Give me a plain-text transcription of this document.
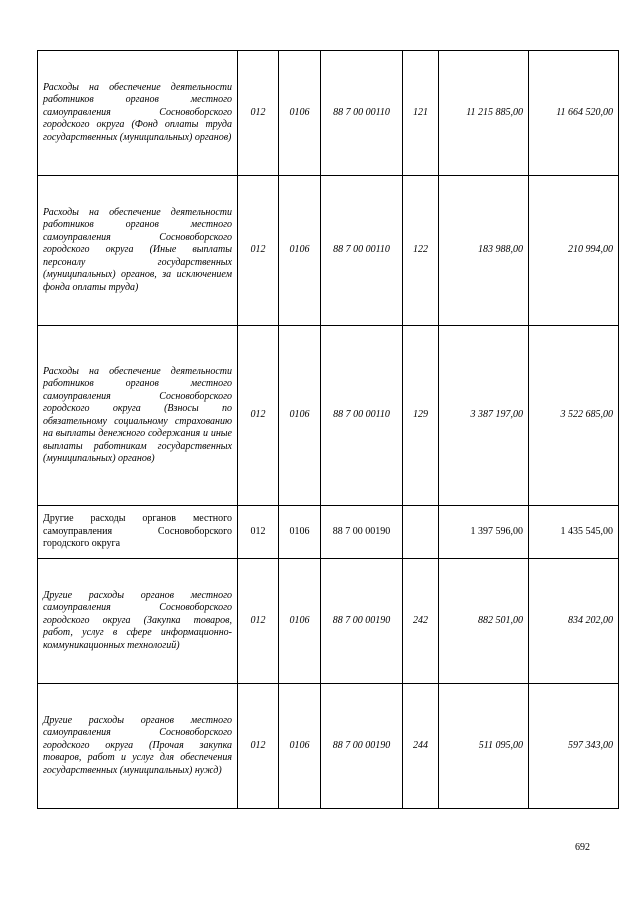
Расходы на обеспечение деятельности работников органов местного самоуправления Сосновоборского городского округа (Фонд оплаты труда государственных (муниципальных) органов)	012	0106	88 7 00 00110	121	11 215 885,00	11 664 520,00
Расходы на обеспечение деятельности работников органов местного самоуправления Сосновоборского городского округа (Иные выплаты персоналу государственных (муниципальных) органов, за исключением фонда оплаты труда)	012	0106	88 7 00 00110	122	183 988,00	210 994,00
Расходы на обеспечение деятельности работников органов местного самоуправления Сосновоборского городского округа (Взносы по обязательному социальному страхованию на выплаты денежного содержания и иные выплаты работникам государственных (муниципальных) органов)	012	0106	88 7 00 00110	129	3 387 197,00	3 522 685,00
Другие расходы органов местного самоуправления Сосновоборского городского округа	012	0106	88 7 00 00190		1 397 596,00	1 435 545,00
Другие расходы органов местного самоуправления Сосновоборского городского округа (Закупка товаров, работ, услуг в сфере информационно-коммуникационных технологий)	012	0106	88 7 00 00190	242	882 501,00	834 202,00
Другие расходы органов местного самоуправления Сосновоборского городского округа (Прочая закупка товаров, работ и услуг для обеспечения государственных (муниципальных) нужд)	012	0106	88 7 00 00190	244	511 095,00	597 343,00
692
